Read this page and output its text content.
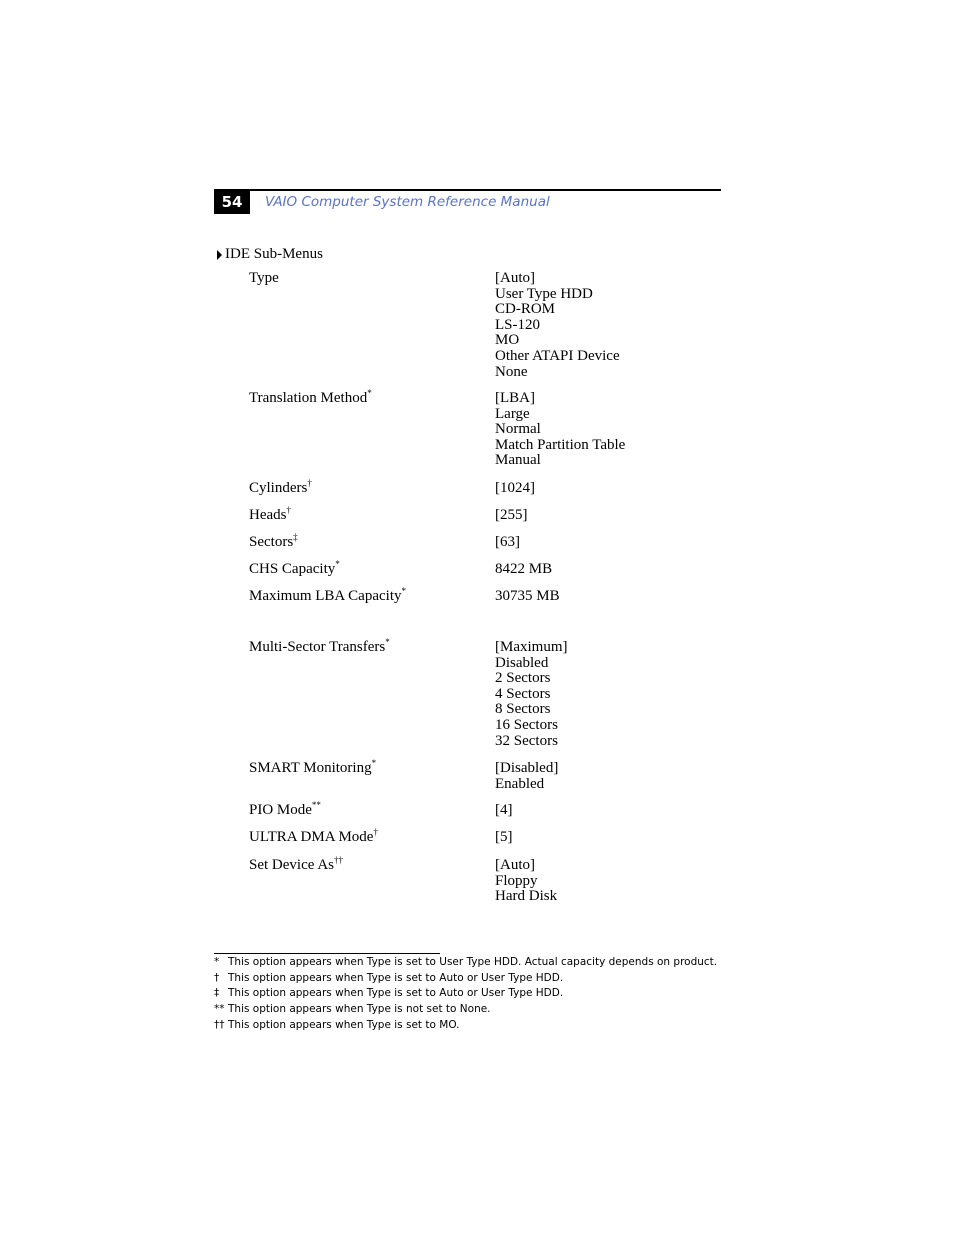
54	VAIO Computer System Reference Manual
IDE Sub-Menus
Type	[Auto]
User Type HDD
CD-ROM
LS-120
MO
Other ATAPI Device
None
Translation Method*	[LBA]
Large
Normal
Match Partition Table
Manual
Cylinders†	[1024]
Heads†	[255]
Sectors‡	[63]
CHS Capacity*	8422 MB
Maximum LBA Capacity*	30735 MB
Multi-Sector Transfers*	[Maximum]
Disabled
2 Sectors
4 Sectors
8 Sectors
16 Sectors
32 Sectors
SMART Monitoring*	[Disabled]
Enabled
PIO Mode**	[4]
ULTRA DMA Mode†	[5]
Set Device As††	[Auto]
Floppy
Hard Disk
* This option appears when Type is set to User Type HDD. Actual capacity depends on product.
† This option appears when Type is set to Auto or User Type HDD.
‡ This option appears when Type is set to Auto or User Type HDD.
** This option appears when Type is not set to None.
†† This option appears when Type is set to MO.
